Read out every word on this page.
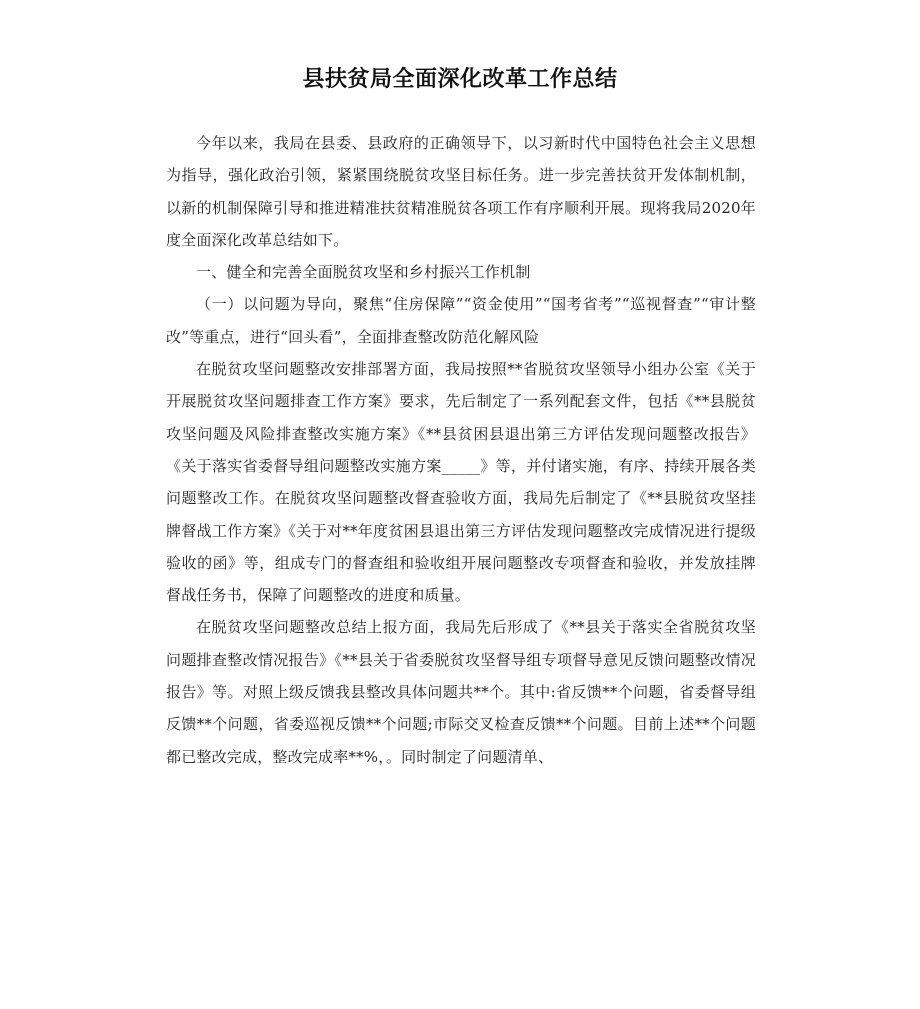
县扶贫局全面深化改革工作总结

今年以来，我局在县委、县政府的正确领导下，以习新时代中国特色社会主义思想为指导，强化政治引领，紧紧围绕脱贫攻坚目标任务。进一步完善扶贫开发体制机制，以新的机制保障引导和推进精准扶贫精准脱贫各项工作有序顺利开展。现将我局2020年度全面深化改革总结如下。

一、健全和完善全面脱贫攻坚和乡村振兴工作机制

（一）以问题为导向，聚焦“住房保障”“资金使用”“国考省考”“巡视督查”“审计整改”等重点，进行“回头看”，全面排查整改防范化解风险

在脱贫攻坚问题整改安排部署方面，我局按照**省脱贫攻坚领导小组办公室《关于开展脱贫攻坚问题排查工作方案》要求，先后制定了一系列配套文件，包括《**县脱贫攻坚问题及风险排查整改实施方案》《**县贫困县退出第三方评估发现问题整改报告》《关于落实省委督导组问题整改实施方案_____》等，并付诸实施，有序、持续开展各类问题整改工作。在脱贫攻坚问题整改督查验收方面，我局先后制定了《**县脱贫攻坚挂牌督战工作方案》《关于对**年度贫困县退出第三方评估发现问题整改完成情况进行提级验收的函》等，组成专门的督查组和验收组开展问题整改专项督查和验收，并发放挂牌督战任务书，保障了问题整改的进度和质量。

在脱贫攻坚问题整改总结上报方面，我局先后形成了《**县关于落实全省脱贫攻坚问题排查整改情况报告》《**县关于省委脱贫攻坚督导组专项督导意见反馈问题整改情况报告》等。对照上级反馈我县整改具体问题共**个。其中:省反馈**个问题，省委督导组反馈**个问题，省委巡视反馈**个问题;市际交叉检查反馈**个问题。目前上述**个问题都已整改完成，整改完成率**%，。同时制定了问题清单、
